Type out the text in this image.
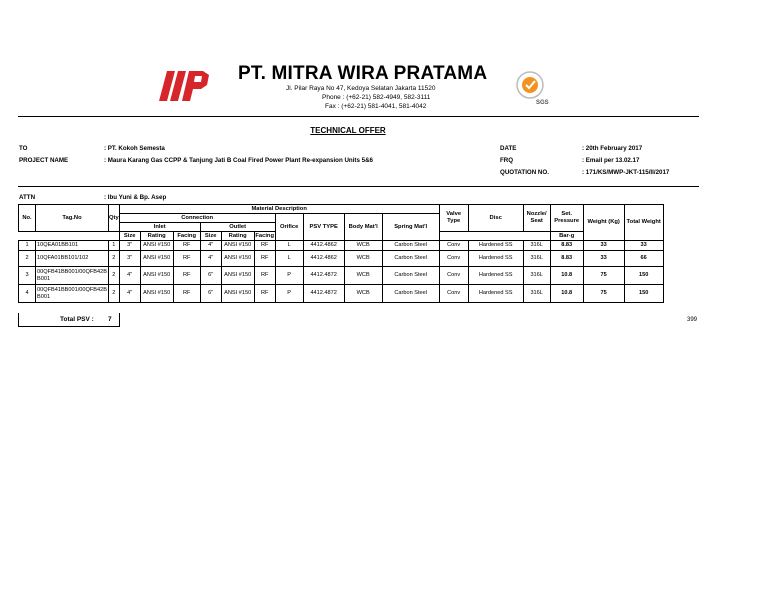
PT. MITRA WIRA PRATAMA
Jl. Pilar Raya No 47, Kedoya Selatan Jakarta 11520
Phone : (+62-21) 582-4949, 582-3111
Fax : (+62-21) 581-4041, 581-4042	SGS
TECHNICAL OFFER
TO	: PT. Kokoh Semesta
PROJECT NAME	: Maura Karang Gas CCPP & Tanjung Jati B Coal Fired Power Plant Re-expansion Units 5&6
ATTN	: Ibu Yuni & Bp. Asep
DATE	: 20th February 2017
FRQ	: Email per 13.02.17
QUOTATION NO.	: 171/KS/MWP-JKT-115/II/2017
No.	Tag.No	Qty	Material Description										Valve Type	Disc	Nozzle/ Seat	Set. Pressure	Weight (Kg)	Total Weight
			Connection						Orifice	PSV TYPE	Body Mat'l	Spring Mat'l						
			Inlet			Outlet												
			Size	Rating	Facing	Size	Rating	Facing								Bar-g		
1	10QEA01BB101	1	3"	ANSI #150	RF	4"	ANSI #150	RF	L	4412.4862	WCB	Carbon Steel	Conv	Hardened SS	316L	8.83	33	33
2	10QFA01BB101/102	2	3"	ANSI #150	RF	4"	ANSI #150	RF	L	4412.4862	WCB	Carbon Steel	Conv	Hardened SS	316L	8.83	33	66
3	00QFB41BB001/00QFB42BB001	2	4"	ANSI #150	RF	6"	ANSI #150	RF	P	4412.4872	WCB	Carbon Steel	Conv	Hardened SS	316L	10.8	75	150
4	00QFB41BB001/00QFB42BB001	2	4"	ANSI #150	RF	6"	ANSI #150	RF	P	4412.4872	WCB	Carbon Steel	Conv	Hardened SS	316L	10.8	75	150
Total PSV : 7	399
